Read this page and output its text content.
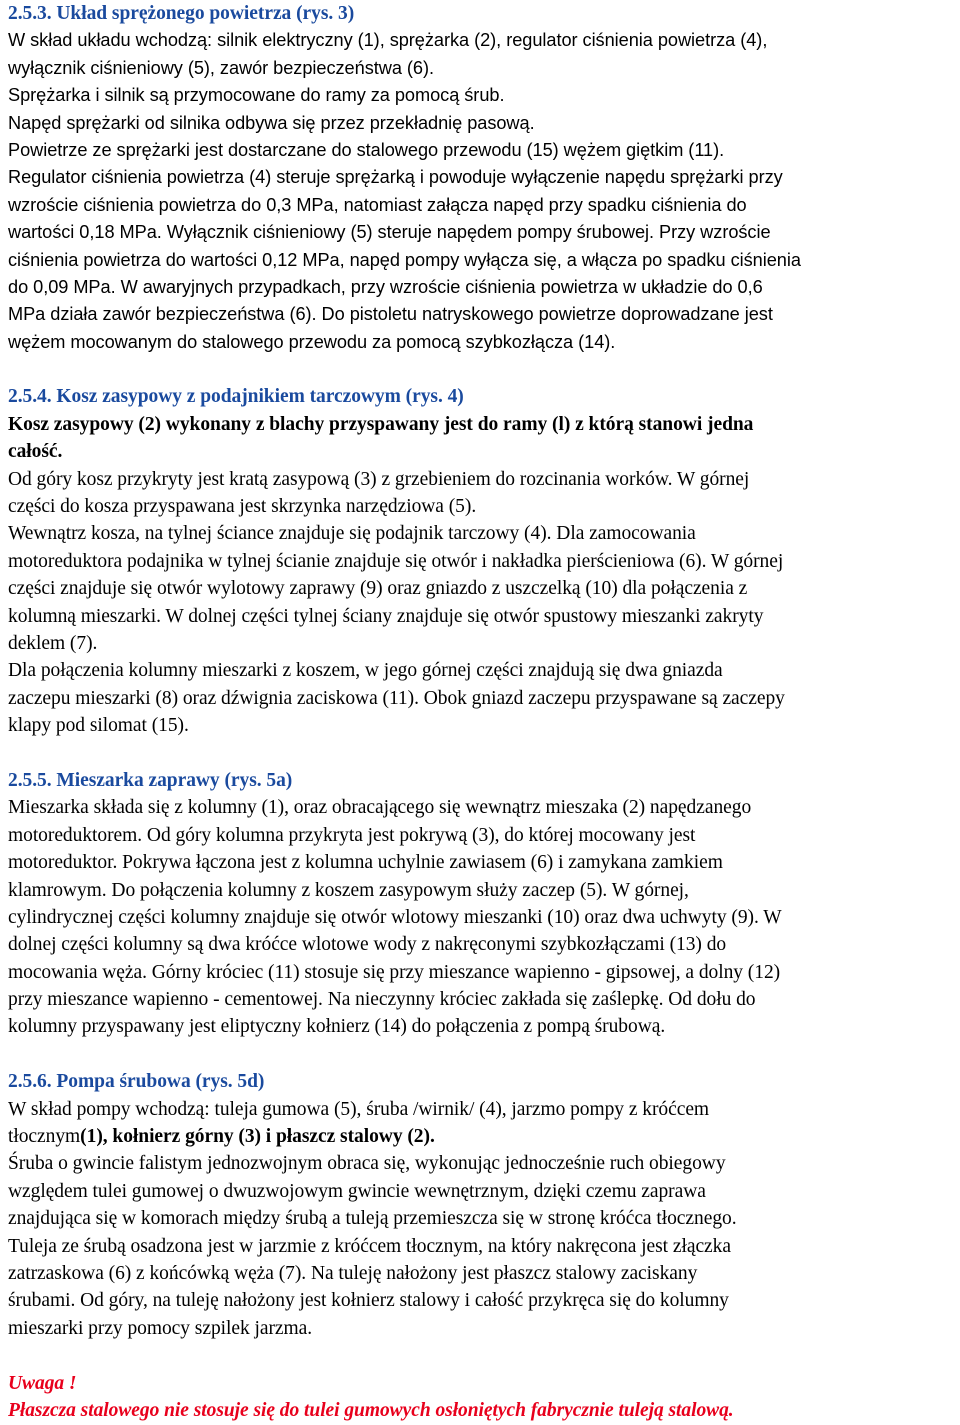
2.5.3. Układ sprężonego powietrza (rys. 3)
W skład układu wchodzą: silnik elektryczny (1), sprężarka (2), regulator ciśnienia powietrza (4),
wyłącznik ciśnieniowy (5), zawór bezpieczeństwa (6).
Sprężarka i silnik są przymocowane do ramy za pomocą śrub.
Napęd sprężarki od silnika odbywa się przez przekładnię pasową.
Powietrze ze sprężarki jest dostarczane do stalowego przewodu (15) wężem giętkim (11).
Regulator ciśnienia powietrza (4) steruje sprężarką i powoduje wyłączenie napędu sprężarki przy
wzroście ciśnienia powietrza do 0,3 MPa, natomiast załącza napęd przy spadku ciśnienia do
wartości 0,18 MPa. Wyłącznik ciśnieniowy (5) steruje napędem pompy śrubowej. Przy wzroście
ciśnienia powietrza do wartości 0,12 MPa, napęd pompy wyłącza się, a włącza po spadku ciśnienia
do 0,09 MPa. W awaryjnych przypadkach, przy wzroście ciśnienia powietrza w układzie do 0,6
MPa działa zawór bezpieczeństwa (6). Do pistoletu natryskowego powietrze doprowadzane jest
wężem mocowanym do stalowego przewodu za pomocą szybkozłącza (14).
2.5.4. Kosz zasypowy z podajnikiem tarczowym (rys. 4)
Kosz zasypowy (2) wykonany z blachy przyspawany jest do ramy (l) z którą stanowi jedna
całość.
Od góry kosz przykryty jest kratą zasypową (3) z grzebieniem do rozcinania worków. W górnej
części do kosza przyspawana jest skrzynka narzędziowa (5).
Wewnątrz kosza, na tylnej ściance znajduje się podajnik tarczowy (4). Dla zamocowania
motoreduktora podajnika w tylnej ścianie znajduje się otwór i nakładka pierścieniowa (6). W górnej
części znajduje się otwór wylotowy zaprawy (9) oraz gniazdo z uszczelką (10) dla połączenia z
kolumną mieszarki. W dolnej części tylnej ściany znajduje się otwór spustowy mieszanki zakryty
deklem (7).
Dla połączenia kolumny mieszarki z koszem, w jego górnej części znajdują się dwa gniazda
zaczepu mieszarki (8) oraz dźwignia zaciskowa (11). Obok gniazd zaczepu przyspawane są zaczepy
klapy pod silomat (15).
2.5.5. Mieszarka zaprawy (rys. 5a)
Mieszarka składa się z kolumny (1), oraz obracającego się wewnątrz mieszaka (2) napędzanego
motoreduktorem. Od góry kolumna przykryta jest pokrywą (3), do której mocowany jest
motoreduktor. Pokrywa łączona jest z kolumna uchylnie zawiasem (6) i zamykana zamkiem
klamrowym. Do połączenia kolumny z koszem zasypowym służy zaczep (5). W górnej,
cylindrycznej części kolumny znajduje się otwór wlotowy mieszanki (10) oraz dwa uchwyty (9). W
dolnej części kolumny są dwa króćce wlotowe wody z nakręconymi szybkozłączami (13) do
mocowania węża. Górny króciec (11) stosuje się przy mieszance wapienno - gipsowej, a dolny (12)
przy mieszance wapienno - cementowej. Na nieczynny króciec zakłada się zaślepkę. Od dołu do
kolumny przyspawany jest eliptyczny kołnierz (14) do połączenia z pompą śrubową.
2.5.6. Pompa śrubowa (rys. 5d)
W skład pompy wchodzą: tuleja gumowa (5), śruba /wirnik/ (4), jarzmo pompy z króćcem
tłocznym(1), kołnierz górny (3) i płaszcz stalowy (2).
Śruba o gwincie falistym jednozwojnym obraca się, wykonując jednocześnie ruch obiegowy
względem tulei gumowej o dwuzwojowym gwincie wewnętrznym, dzięki czemu zaprawa
znajdująca się w komorach między śrubą a tuleją przemieszcza się w stronę króćca tłocznego.
Tuleja ze śrubą osadzona jest w jarzmie z króćcem tłocznym, na który nakręcona jest złączka
zatrzaskowa (6) z końcówką węża (7). Na tuleję nałożony jest płaszcz stalowy zaciskany
śrubami. Od góry, na tuleję nałożony jest kołnierz stalowy i całość przykręca się do kolumny
mieszarki przy pomocy szpilek jarzma.
Uwaga !
Płaszcza stalowego nie stosuje się do tulei gumowych osłoniętych fabrycznie tuleją stalową.
